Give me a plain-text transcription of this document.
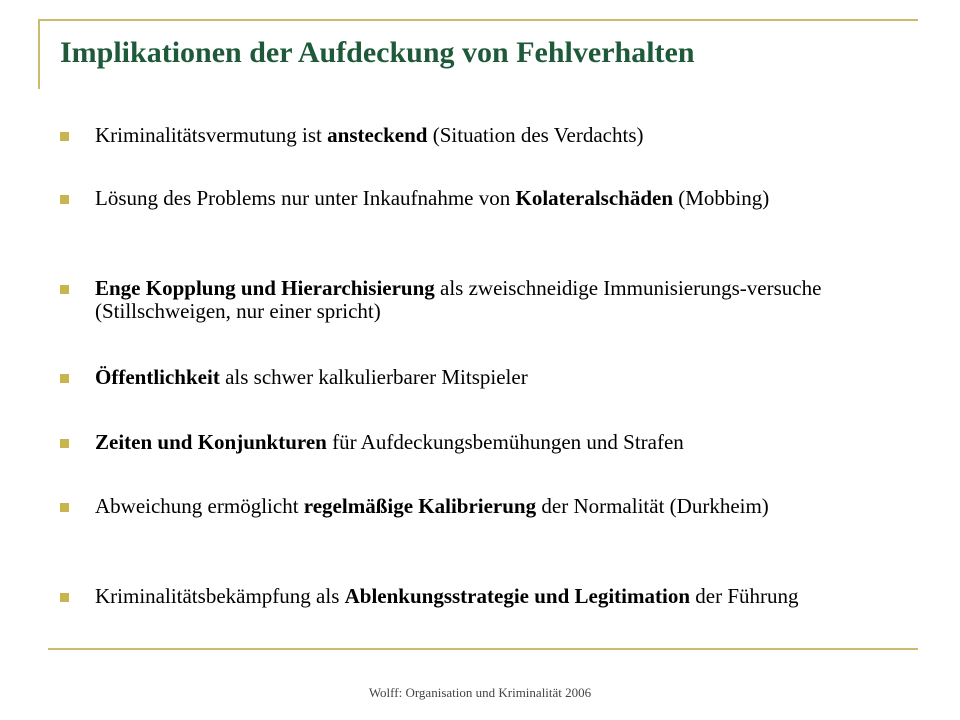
Implikationen der Aufdeckung von Fehlverhalten
Kriminalitätsvermutung ist ansteckend (Situation des Verdachts)
Lösung des Problems nur unter Inkaufnahme von Kolateralschäden (Mobbing)
Enge Kopplung und Hierarchisierung als zweischneidige Immunisierungs-versuche (Stillschweigen, nur einer spricht)
Öffentlichkeit als schwer kalkulierbarer Mitspieler
Zeiten und Konjunkturen für Aufdeckungsbemühungen und Strafen
Abweichung ermöglicht regelmäßige Kalibrierung der Normalität (Durkheim)
Kriminalitätsbekämpfung als Ablenkungsstrategie und Legitimation der Führung
Wolff: Organisation und Kriminalität 2006
